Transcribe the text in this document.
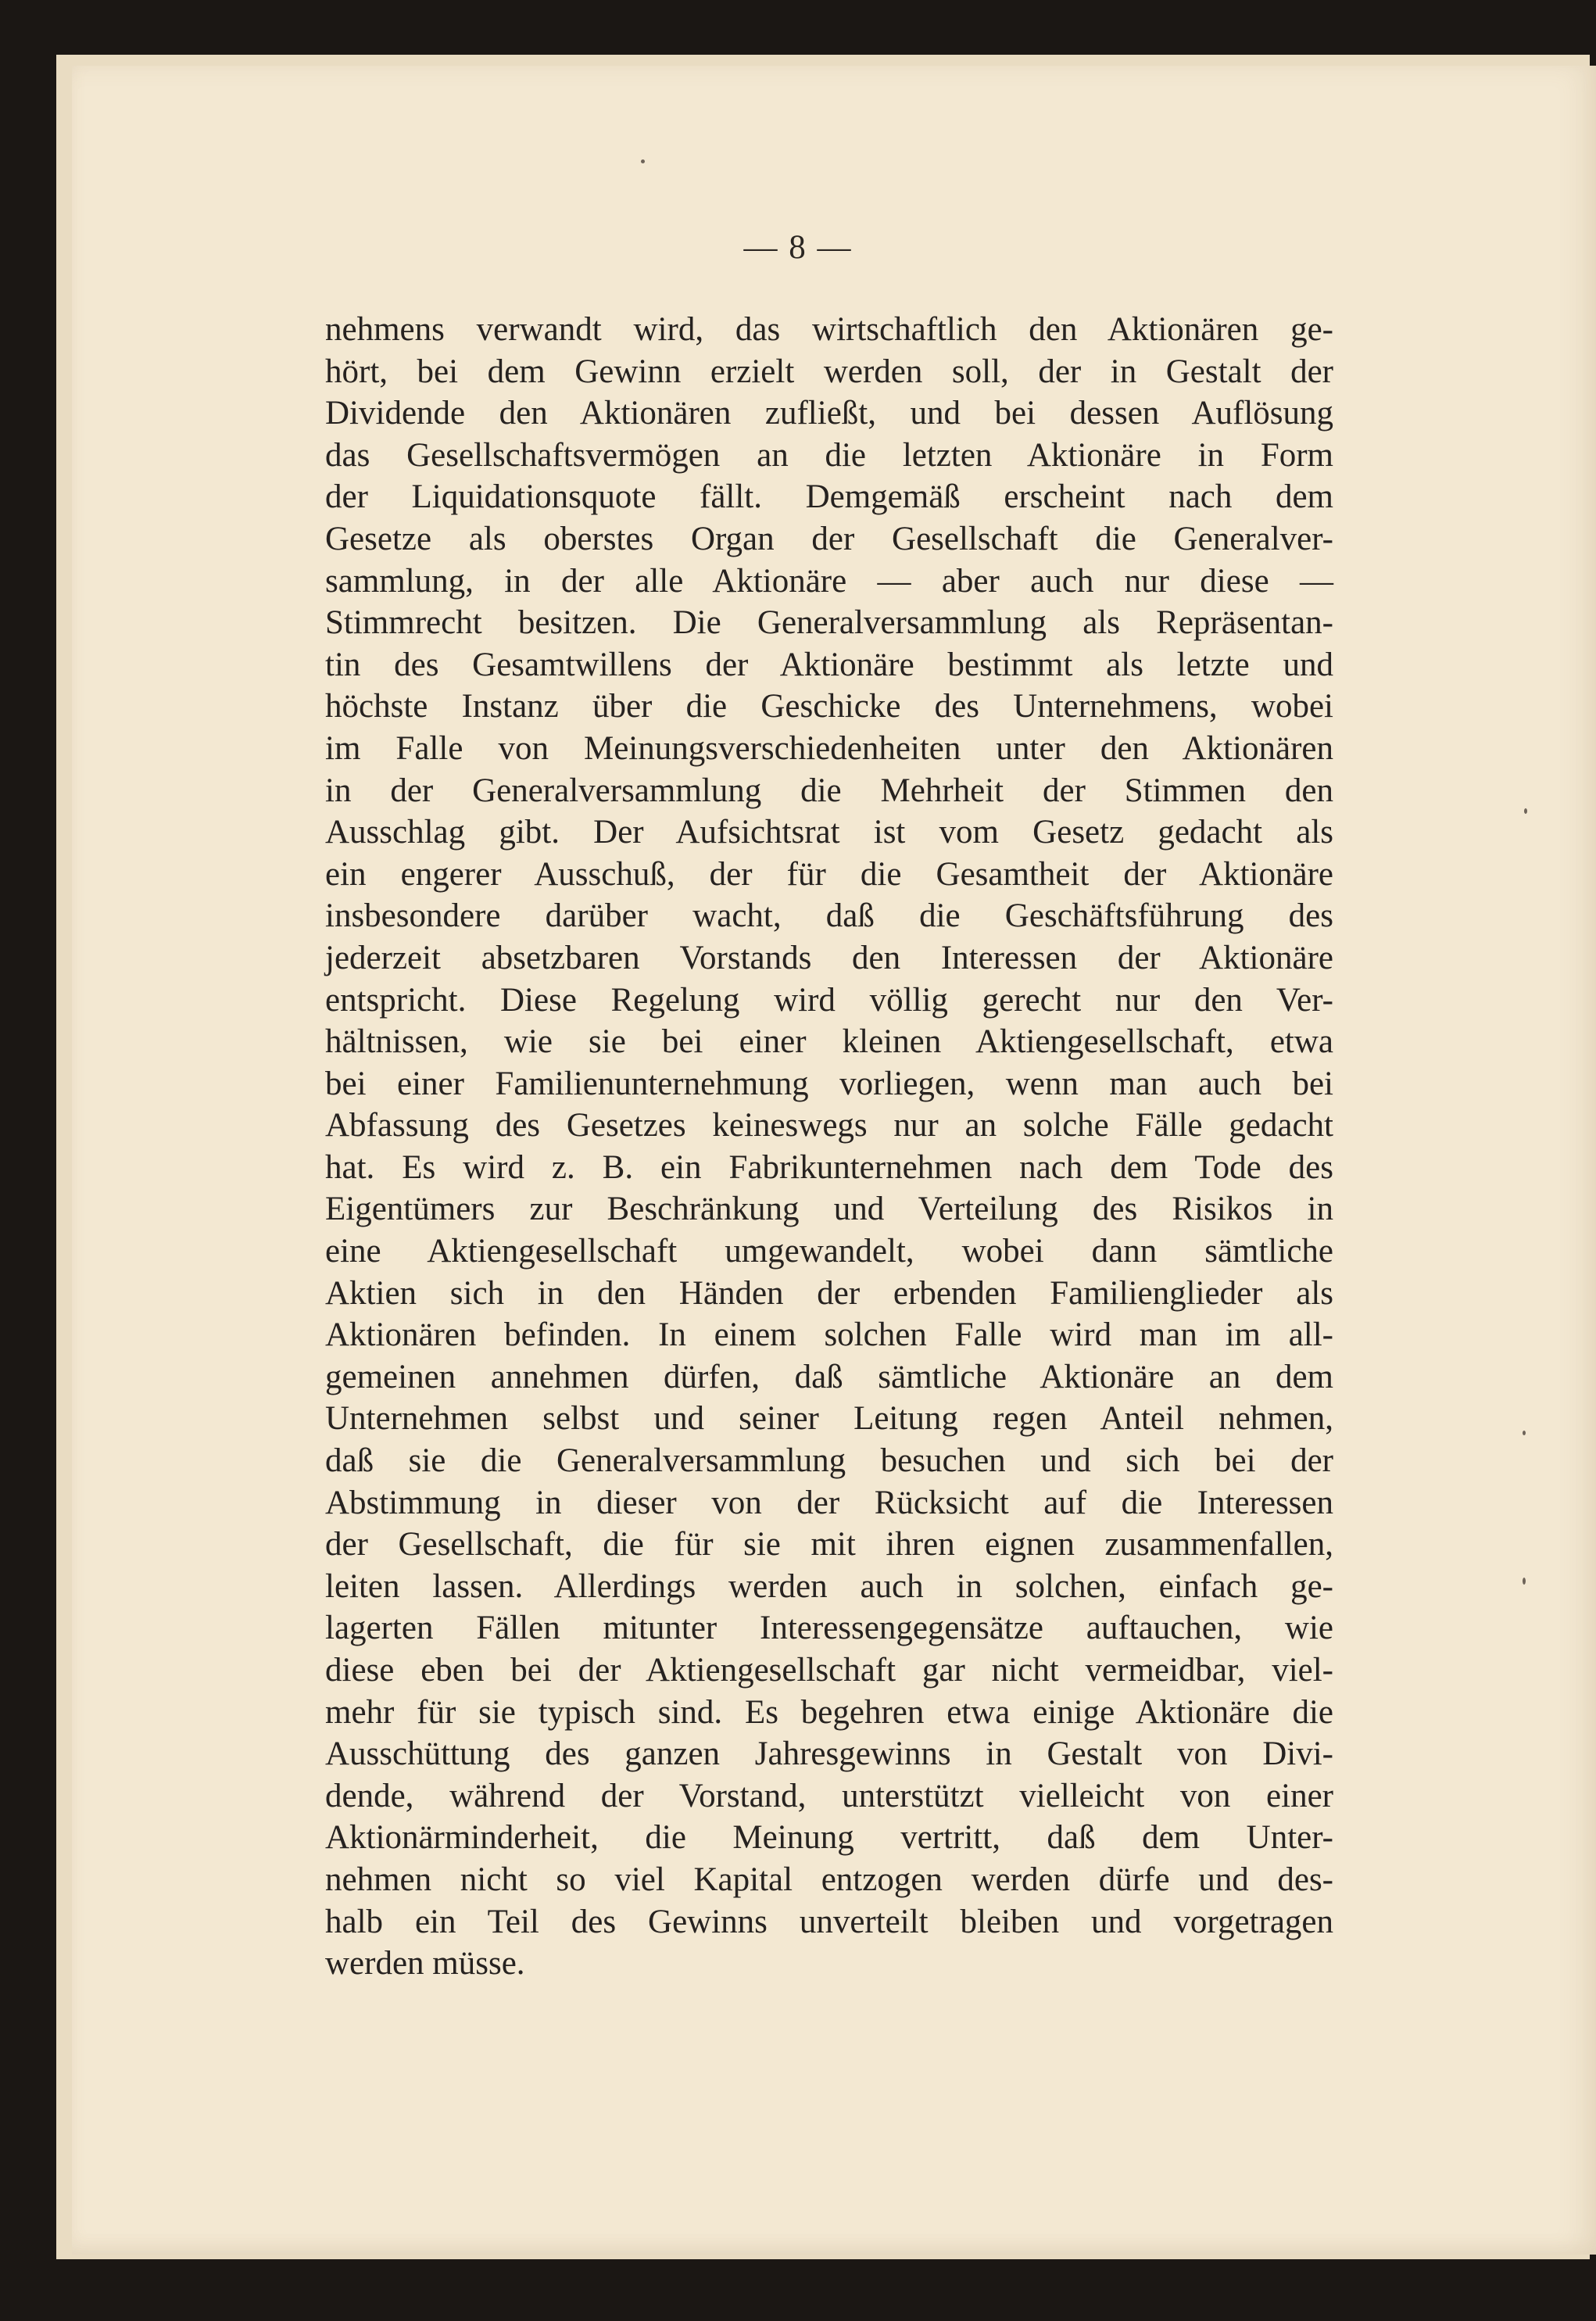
— 8 —
nehmens verwandt wird, das wirtschaftlich den Aktionären ge-
hört, bei dem Gewinn erzielt werden soll, der in Gestalt der
Dividende den Aktionären zufließt, und bei dessen Auflösung
das Gesellschaftsvermögen an die letzten Aktionäre in Form
der Liquidationsquote fällt. Demgemäß erscheint nach dem
Gesetze als oberstes Organ der Gesellschaft die Generalver-
sammlung, in der alle Aktionäre — aber auch nur diese —
Stimmrecht besitzen. Die Generalversammlung als Repräsentan-
tin des Gesamtwillens der Aktionäre bestimmt als letzte und
höchste Instanz über die Geschicke des Unternehmens, wobei
im Falle von Meinungsverschiedenheiten unter den Aktionären
in der Generalversammlung die Mehrheit der Stimmen den
Ausschlag gibt. Der Aufsichtsrat ist vom Gesetz gedacht als
ein engerer Ausschuß, der für die Gesamtheit der Aktionäre
insbesondere darüber wacht, daß die Geschäftsführung des
jederzeit absetzbaren Vorstands den Interessen der Aktionäre
entspricht. Diese Regelung wird völlig gerecht nur den Ver-
hältnissen, wie sie bei einer kleinen Aktiengesellschaft, etwa
bei einer Familienunternehmung vorliegen, wenn man auch bei
Abfassung des Gesetzes keineswegs nur an solche Fälle gedacht
hat. Es wird z. B. ein Fabrikunternehmen nach dem Tode des
Eigentümers zur Beschränkung und Verteilung des Risikos in
eine Aktiengesellschaft umgewandelt, wobei dann sämtliche
Aktien sich in den Händen der erbenden Familienglieder als
Aktionären befinden. In einem solchen Falle wird man im all-
gemeinen annehmen dürfen, daß sämtliche Aktionäre an dem
Unternehmen selbst und seiner Leitung regen Anteil nehmen,
daß sie die Generalversammlung besuchen und sich bei der
Abstimmung in dieser von der Rücksicht auf die Interessen
der Gesellschaft, die für sie mit ihren eignen zusammenfallen,
leiten lassen. Allerdings werden auch in solchen, einfach ge-
lagerten Fällen mitunter Interessengegensätze auftauchen, wie
diese eben bei der Aktiengesellschaft gar nicht vermeidbar, viel-
mehr für sie typisch sind. Es begehren etwa einige Aktionäre die
Ausschüttung des ganzen Jahresgewinns in Gestalt von Divi-
dende, während der Vorstand, unterstützt vielleicht von einer
Aktionärminderheit, die Meinung vertritt, daß dem Unter-
nehmen nicht so viel Kapital entzogen werden dürfe und des-
halb ein Teil des Gewinns unverteilt bleiben und vorgetragen
werden müsse.
